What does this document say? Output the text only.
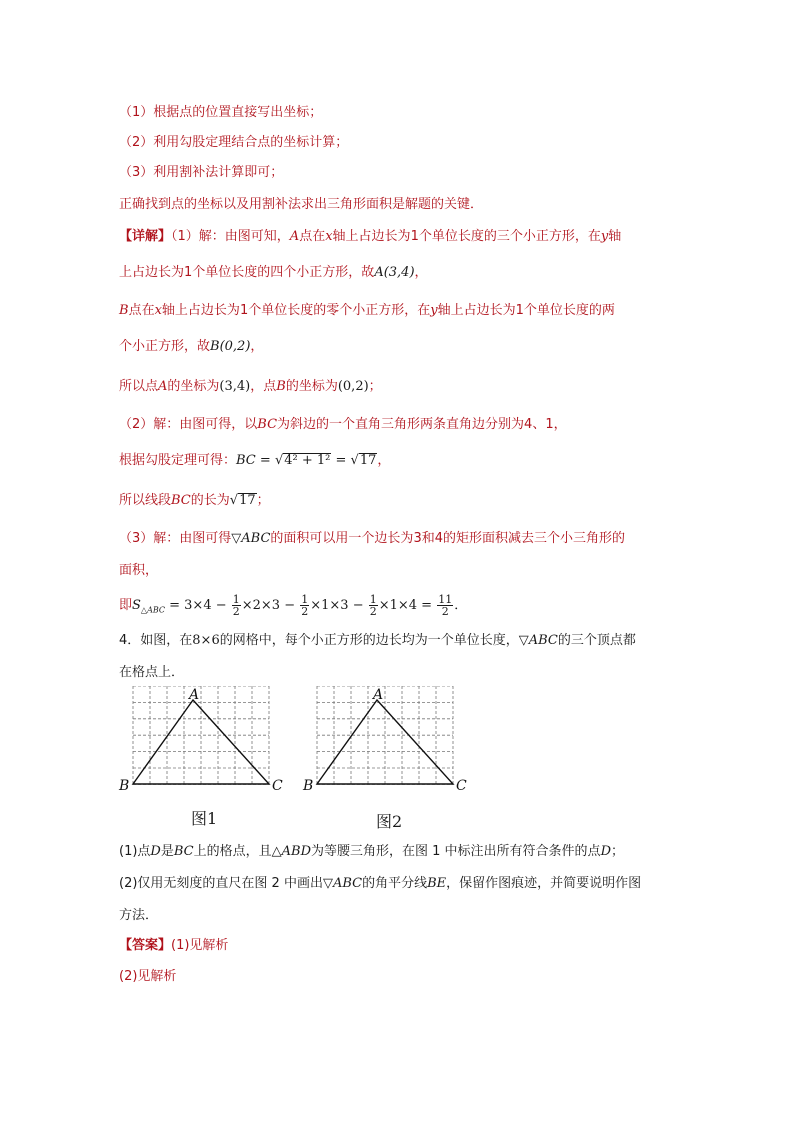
（1）根据点的位置直接写出坐标；
（2）利用勾股定理结合点的坐标计算；
（3）利用割补法计算即可；
正确找到点的坐标以及用割补法求出三角形面积是解题的关键．
【详解】（1）解：由图可知，A点在x轴上占边长为1个单位长度的三个小正方形，在y轴
上占边长为1个单位长度的四个小正方形，故A(3,4)，
B点在x轴上占边长为1个单位长度的零个小正方形，在y轴上占边长为1个单位长度的两
个小正方形，故B(0,2)，
所以点A的坐标为(3,4)，点B的坐标为(0,2)；
（2）解：由图可得，以BC为斜边的一个直角三角形两条直角边分别为4、1，
根据勾股定理可得：BC = √4² + 1² = √17，
所以线段BC的长为√17；
（3）解：由图可得▽ABC的面积可以用一个边长为3和4的矩形面积减去三个小三角形的
面积，
即$S_{\triangle ABC} = 3\times 4 - \frac{1}{2} \times 2\times 3 - \frac{1}{2} \times 1\times 3 - \frac{1}{2} \times 1\times 4 = \frac{11}{2}$ ．
4．如图，在8×6的网格中，每个小正方形的边长均为一个单位长度，▽ABC的三个顶点都
在格点上．
A
B	C
图1
A
B	C
图2
(1)点D是BC上的格点，且△ABD为等腰三角形，在图 1 中标注出所有符合条件的点D；
(2)仅用无刻度的直尺在图 2 中画出▽ABC的角平分线BE，保留作图痕迹，并简要说明作图
方法．
【答案】(1)见解析
(2)见解析
